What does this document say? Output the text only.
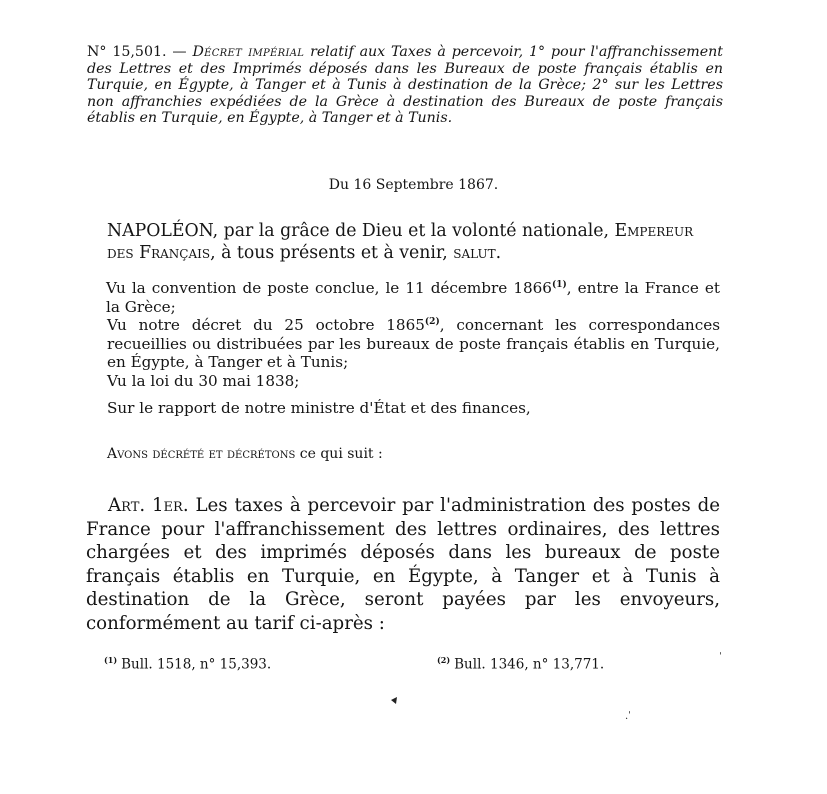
N° 15,501. — Décret impérial relatif aux Taxes à percevoir, 1° pour l'affranchissement des Lettres et des Imprimés déposés dans les Bureaux de poste français établis en Turquie, en Égypte, à Tanger et à Tunis à destination de la Grèce; 2° sur les Lettres non affranchies expédiées de la Grèce à destination des Bureaux de poste français établis en Turquie, en Égypte, à Tanger et à Tunis.
Du 16 Septembre 1867.
NAPOLÉON, par la grâce de Dieu et la volonté nationale, Empereur des Français, à tous présents et à venir, salut.

Vu la convention de poste conclue, le 11 décembre 1866$^{(1)}$, entre la France et la Grèce;

Vu notre décret du 25 octobre 1865$^{(2)}$, concernant les correspondances recueillies ou distribuées par les bureaux de poste français établis en Turquie, en Égypte, à Tanger et à Tunis;

Vu la loi du 30 mai 1838;

Sur le rapport de notre ministre d'État et des finances,

Avons décrété et décrétons ce qui suit :

Art. 1er. Les taxes à percevoir par l'administration des postes de France pour l'affranchissement des lettres ordinaires, des lettres chargées et des imprimés déposés dans les bureaux de poste français établis en Turquie, en Égypte, à Tanger et à Tunis à destination de la Grèce, seront payées par les envoyeurs, conformément au tarif ci-après :

$^{(1)}$ Bull. 1518, n° 15,393.	$^{(2)}$ Bull. 1346, n° 13,771.	ˈ
.ˈ
